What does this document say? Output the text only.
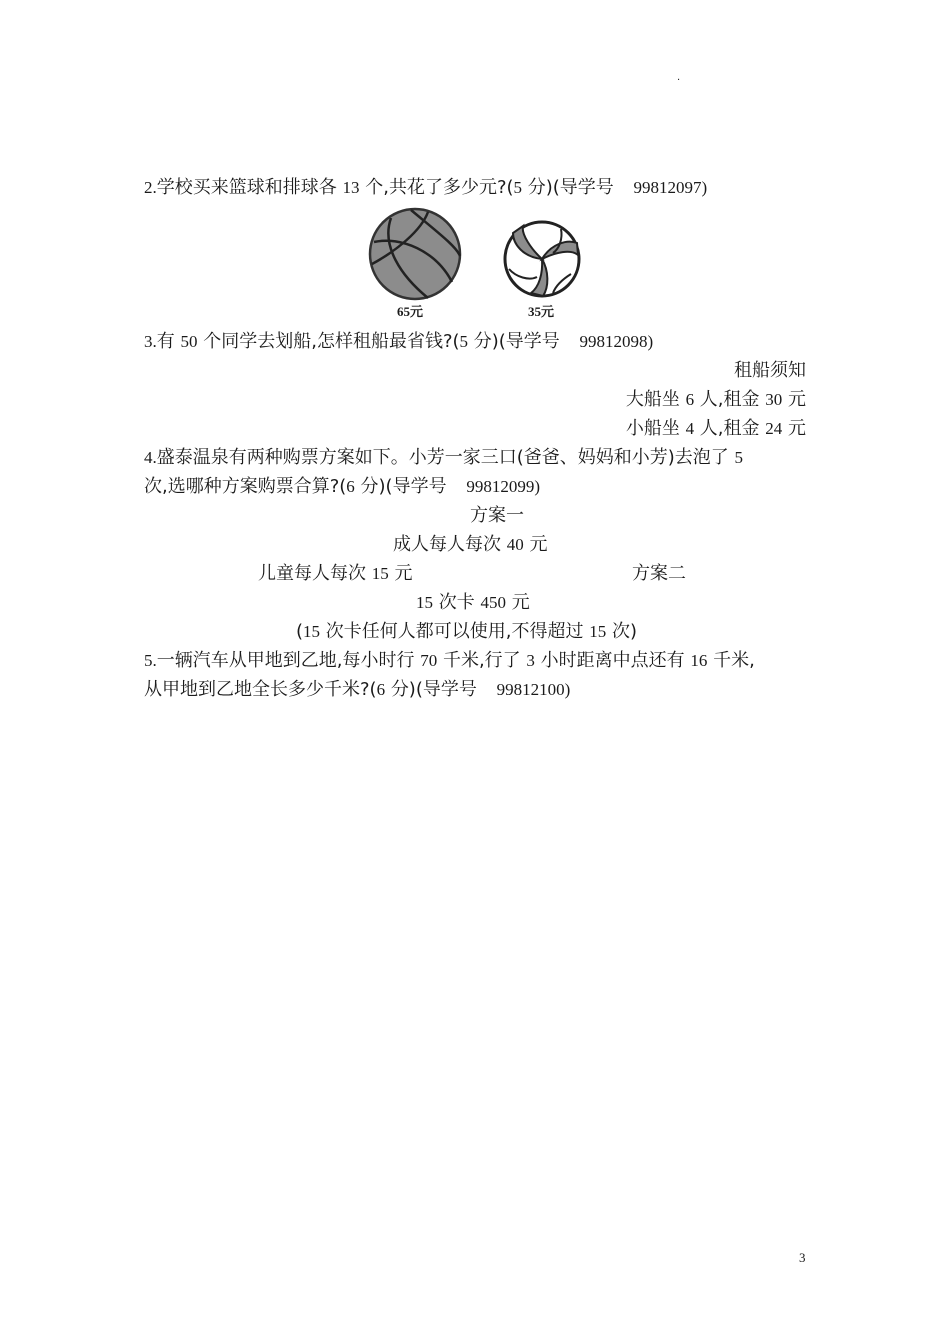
.
2.学校买来篮球和排球各 13 个,共花了多少元?(5 分)(导学号 99812097)
65元	35元
3.有 50 个同学去划船,怎样租船最省钱?(5 分)(导学号 99812098)
租船须知
大船坐 6 人,租金 30 元
小船坐 4 人,租金 24 元
4.盛泰温泉有两种购票方案如下。小芳一家三口(爸爸、妈妈和小芳)去泡了 5
次,选哪种方案购票合算?(6 分)(导学号 99812099)
方案一
成人每人每次 40 元
儿童每人每次 15 元	方案二
15 次卡 450 元
(15 次卡任何人都可以使用,不得超过 15 次)
5.一辆汽车从甲地到乙地,每小时行 70 千米,行了 3 小时距离中点还有 16 千米,
从甲地到乙地全长多少千米?(6 分)(导学号 99812100)
3
